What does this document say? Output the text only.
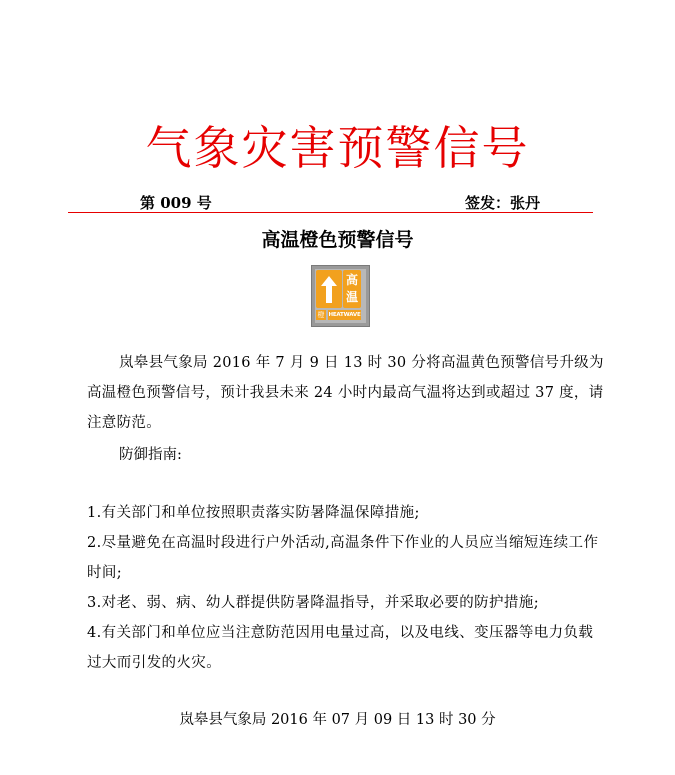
气象灾害预警信号
第 009 号	签发：张丹
高温橙色预警信号
°C
高
温
橙 HEATWAVE
岚皋县气象局 2016 年 7 月 9 日 13 时 30 分将高温黄色预警信号升级为高温橙色预警信号，预计我县未来 24 小时内最高气温将达到或超过 37 度，请注意防范。
防御指南:

1.有关部门和单位按照职责落实防暑降温保障措施;

2.尽量避免在高温时段进行户外活动,高温条件下作业的人员应当缩短连续工作时间;

3.对老、弱、病、幼人群提供防暑降温指导，并采取必要的防护措施;

4.有关部门和单位应当注意防范因用电量过高，以及电线、变压器等电力负载过大而引发的火灾。

岚皋县气象局 2016 年 07 月 09 日 13 时 30 分
